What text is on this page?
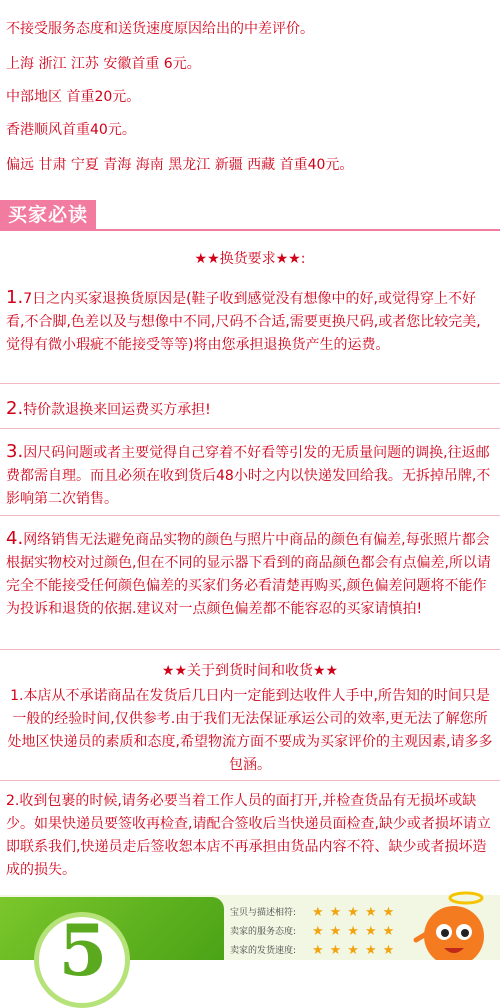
不接受服务态度和送货速度原因给出的中差评价。
上海 浙江 江苏 安徽首重 6元。
中部地区 首重20元。
香港顺风首重40元。
偏远 甘肃 宁夏 青海 海南 黑龙江 新疆 西藏 首重40元。
买家必读
★★换货要求★★:
1.7日之内买家退换货原因是(鞋子收到感觉没有想像中的好,或觉得穿上不好看,不合脚,色差以及与想像中不同,尺码不合适,需要更换尺码,或者您比较完美,觉得有微小瑕疵不能接受等等)将由您承担退换货产生的运费。
2.特价款退换来回运费买方承担!
3.因尺码问题或者主要觉得自己穿着不好看等引发的无质量问题的调换,往返邮费都需自理。而且必须在收到货后48小时之内以快递发回给我。无拆掉吊牌,不影响第二次销售。
4.网络销售无法避免商品实物的颜色与照片中商品的颜色有偏差,每张照片都会根据实物校对过颜色,但在不同的显示器下看到的商品颜色都会有点偏差,所以请完全不能接受任何颜色偏差的买家们务必看清楚再购买,颜色偏差问题将不能作为投诉和退货的依据.建议对一点颜色偏差都不能容忍的买家请慎拍!
★★关于到货时间和收货★★
1.本店从不承诺商品在发货后几日内一定能到达收件人手中,所告知的时间只是一般的经验时间,仅供参考.由于我们无法保证承运公司的效率,更无法了解您所处地区快递员的素质和态度,希望物流方面不要成为买家评价的主观因素,请多多包涵。
2.收到包裹的时候,请务必要当着工作人员的面打开,并检查货品有无损坏或缺少。如果快递员要签收再检查,请配合签收后当快递员面检查,缺少或者损坏请立即联系我们,快递员走后签收恕本店不再承担由货品内容不符、缺少或者损坏造成的损失。
5	宝贝与描述相符: ★★★★★
卖家的服务态度: ★★★★★
卖家的发货速度: ★★★★★
